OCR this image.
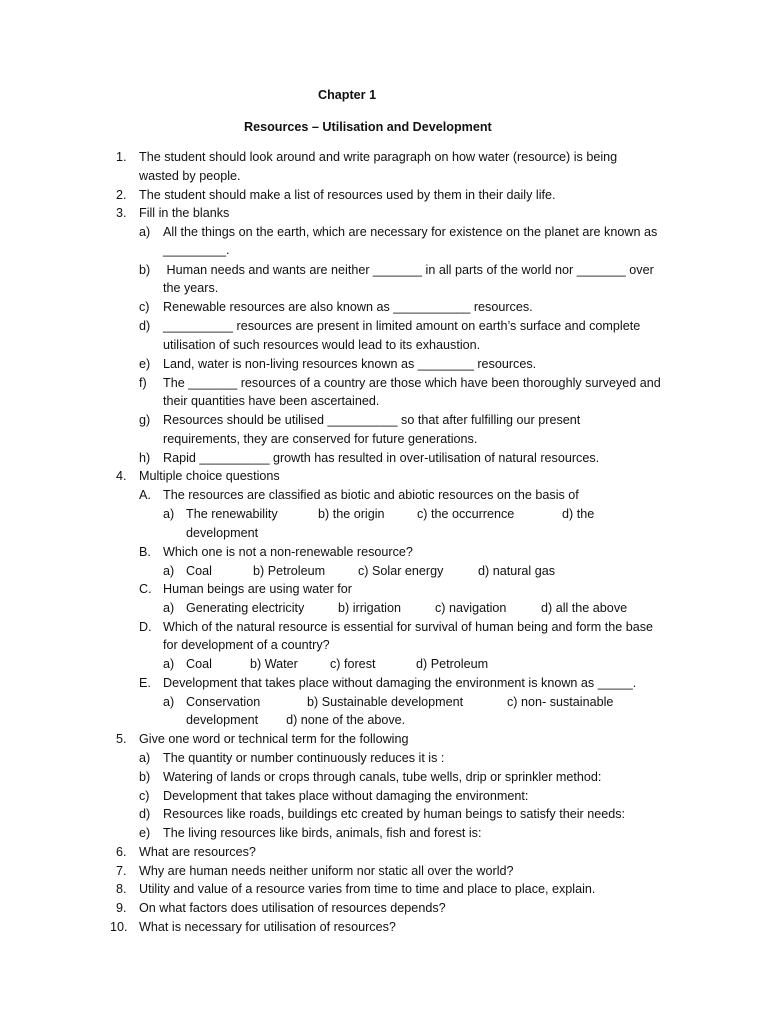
Chapter 1
Resources – Utilisation and Development
1. The student should look around and write paragraph on how water (resource) is being
wasted by people.
2. The student should make a list of resources used by them in their daily life.
3. Fill in the blanks
a) All the things on the earth, which are necessary for existence on the planet are known as
_________.
b) Human needs and wants are neither _______ in all parts of the world nor _______ over
the years.
c) Renewable resources are also known as ___________ resources.
d) __________ resources are present in limited amount on earth’s surface and complete
utilisation of such resources would lead to its exhaustion.
e) Land, water is non-living resources known as ________ resources.
f) The _______ resources of a country are those which have been thoroughly surveyed and
their quantities have been ascertained.
g) Resources should be utilised __________ so that after fulfilling our present
requirements, they are conserved for future generations.
h) Rapid __________ growth has resulted in over-utilisation of natural resources.
4. Multiple choice questions
A. The resources are classified as biotic and abiotic resources on the basis of
a) The renewability	b) the origin	c) the occurrence	d) the
development
B. Which one is not a non-renewable resource?
a) Coal	b) Petroleum	c) Solar energy	d) natural gas
C. Human beings are using water for
a) Generating electricity	b) irrigation	c) navigation	d) all the above
D. Which of the natural resource is essential for survival of human being and form the base
for development of a country?
a) Coal	b) Water	c) forest	d) Petroleum
E. Development that takes place without damaging the environment is known as _____.
a) Conservation	b) Sustainable development	c) non- sustainable
development        d) none of the above.
5. Give one word or technical term for the following
a) The quantity or number continuously reduces it is :
b) Watering of lands or crops through canals, tube wells, drip or sprinkler method:
c) Development that takes place without damaging the environment:
d) Resources like roads, buildings etc created by human beings to satisfy their needs:
e) The living resources like birds, animals, fish and forest is:
6. What are resources?
7. Why are human needs neither uniform nor static all over the world?
8. Utility and value of a resource varies from time to time and place to place, explain.
9. On what factors does utilisation of resources depends?
10. What is necessary for utilisation of resources?
